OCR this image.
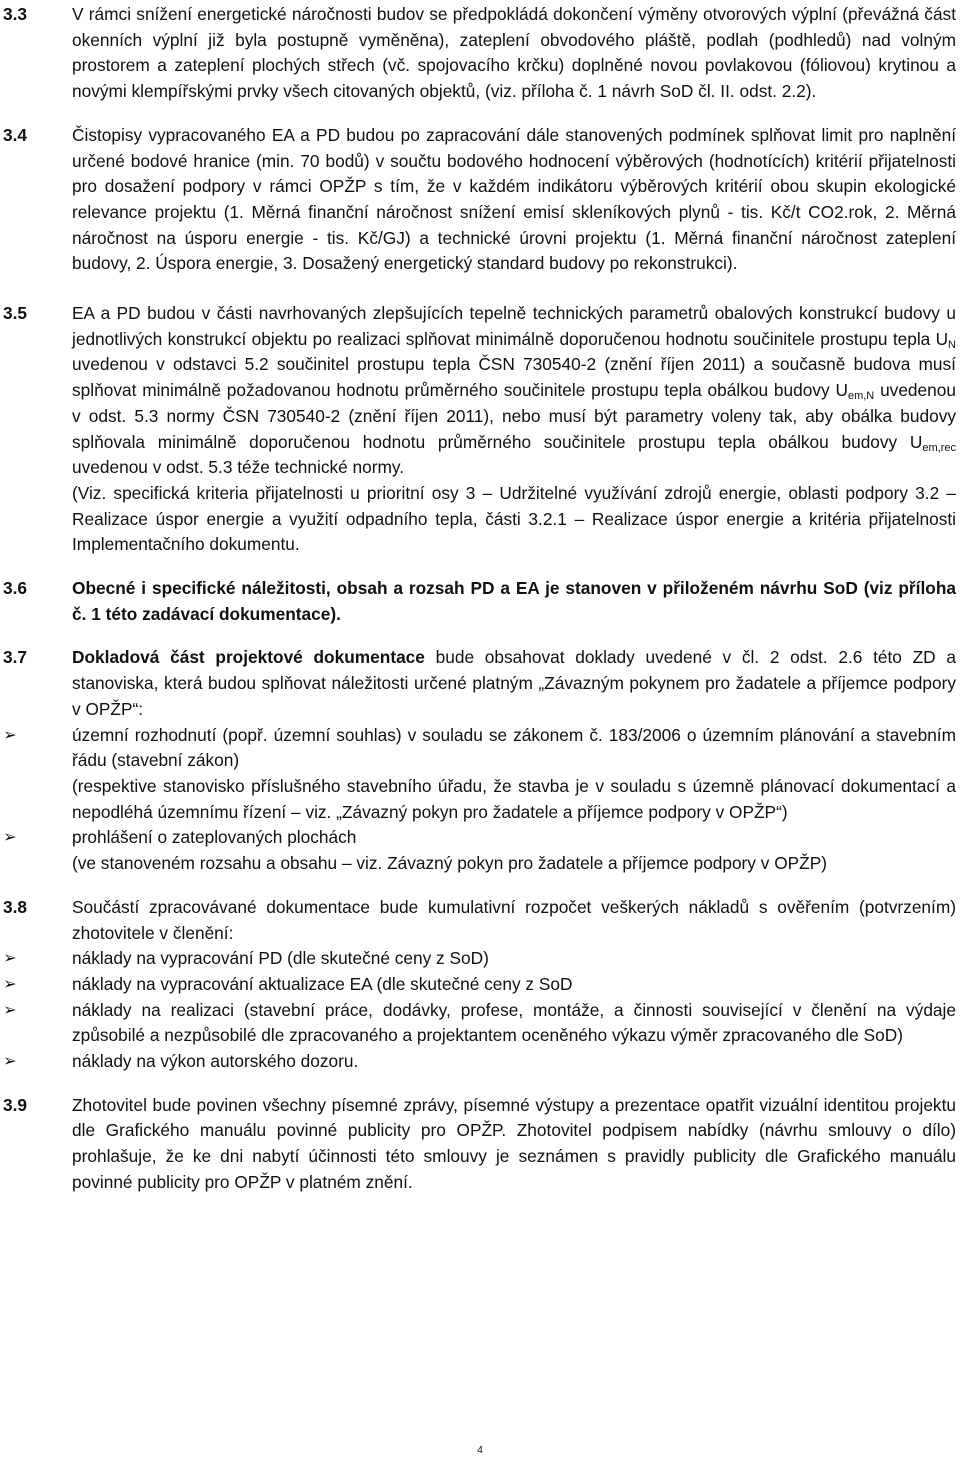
3.3	V rámci snížení energetické náročnosti budov se předpokládá dokončení výměny otvorových výplní (převážná část okenních výplní již byla postupně vyměněna), zateplení obvodového pláště, podlah (podhledů) nad volným prostorem a zateplení plochých střech (vč. spojovacího krčku) doplněné novou povlakovou (fóliovou) krytinou a novými klempířskými prvky všech citovaných objektů, (viz. příloha č. 1 návrh SoD čl. II. odst. 2.2).

3.4	Čistopisy vypracovaného EA a PD budou po zapracování dále stanovených podmínek splňovat limit pro naplnění určené bodové hranice (min. 70 bodů) v součtu bodového hodnocení výběrových (hodnotících) kritérií přijatelnosti pro dosažení podpory v rámci OPŽP s tím, že v každém indikátoru výběrových kritérií obou skupin ekologické relevance projektu (1. Měrná finanční náročnost snížení emisí skleníkových plynů - tis. Kč/t CO2.rok, 2. Měrná náročnost na úsporu energie - tis. Kč/GJ) a technické úrovni projektu (1. Měrná finanční náročnost zateplení budovy, 2. Úspora energie, 3. Dosažený energetický standard budovy po rekonstrukci).

3.5	EA a PD budou v části navrhovaných zlepšujících tepelně technických parametrů obalových konstrukcí budovy u jednotlivých konstrukcí objektu po realizaci splňovat minimálně doporučenou hodnotu součinitele prostupu tepla $U_N$ uvedenou v odstavci 5.2 součinitel prostupu tepla ČSN 730540-2 (znění říjen 2011) a současně budova musí splňovat minimálně požadovanou hodnotu průměrného součinitele prostupu tepla obálkou budovy $U_{em,N}$ uvedenou v odst. 5.3 normy ČSN 730540-2 (znění říjen 2011), nebo musí být parametry voleny tak, aby obálka budovy splňovala minimálně doporučenou hodnotu průměrného součinitele prostupu tepla obálkou budovy $U_{em,rec}$ uvedenou v odst. 5.3 téže technické normy.

(Viz. specifická kriteria přijatelnosti u prioritní osy 3 – Udržitelné využívání zdrojů energie, oblasti podpory 3.2 – Realizace úspor energie a využití odpadního tepla, části 3.2.1 – Realizace úspor energie a kritéria přijatelnosti Implementačního dokumentu.

3.6	Obecné i specifické náležitosti, obsah a rozsah PD a EA je stanoven v přiloženém návrhu SoD (viz příloha č. 1 této zadávací dokumentace).

3.7	Dokladová část projektové dokumentace bude obsahovat doklady uvedené v čl. 2 odst. 2.6 této ZD a stanoviska, která budou splňovat náležitosti určené platným „Závazným pokynem pro žadatele a příjemce podpory v OPŽP“:

➢	územní rozhodnutí (popř. územní souhlas) v souladu se zákonem č. 183/2006 o územním plánování a stavebním řádu (stavební zákon)

(respektive stanovisko příslušného stavebního úřadu, že stavba je v souladu s územně plánovací dokumentací a nepodléhá územnímu řízení – viz. „Závazný pokyn pro žadatele a příjemce podpory v OPŽP“)

➢	prohlášení o zateplovaných plochách

(ve stanoveném rozsahu a obsahu – viz. Závazný pokyn pro žadatele a příjemce podpory v OPŽP)

3.8	Součástí zpracovávané dokumentace bude kumulativní rozpočet veškerých nákladů s ověřením (potvrzením) zhotovitele v členění:

➢	náklady na vypracování PD (dle skutečné ceny z SoD)

➢	náklady na vypracování aktualizace EA (dle skutečné ceny z SoD

➢	náklady na realizaci (stavební práce, dodávky, profese, montáže, a činnosti související v členění na výdaje způsobilé a nezpůsobilé dle zpracovaného a projektantem oceněného výkazu výměr zpracovaného dle SoD)

➢	náklady na výkon autorského dozoru.

3.9	Zhotovitel bude povinen všechny písemné zprávy, písemné výstupy a prezentace opatřit vizuální identitou projektu dle Grafického manuálu povinné publicity pro OPŽP. Zhotovitel podpisem nabídky (návrhu smlouvy o dílo) prohlašuje, že ke dni nabytí účinnosti této smlouvy je seznámen s pravidly publicity dle Grafického manuálu povinné publicity pro OPŽP v platném znění.

4
